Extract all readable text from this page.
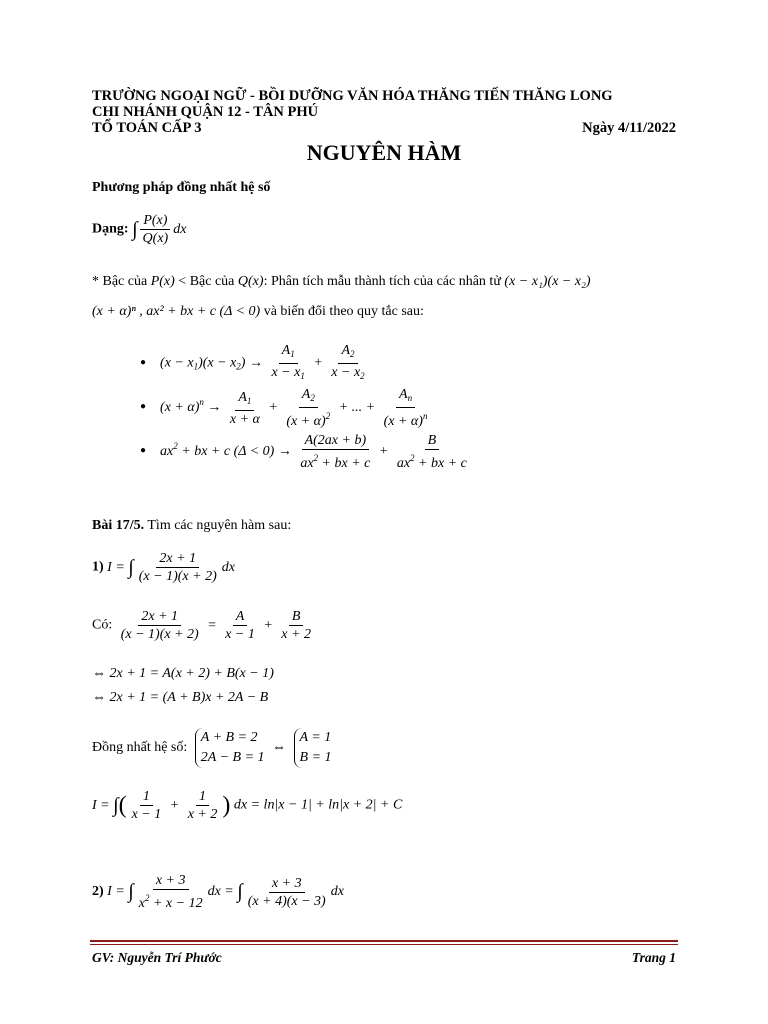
TRƯỜNG NGOẠI NGỮ - BỒI DƯỠNG VĂN HÓA THĂNG TIẾN THĂNG LONG
CHI NHÁNH QUẬN 12 - TÂN PHÚ
TỔ TOÁN CẤP 3	Ngày 4/11/2022
NGUYÊN HÀM
Phương pháp đồng nhất hệ số
Dạng: ∫ $\frac{P(x)}{Q(x)}$ dx
* Bậc của P(x) < Bậc của Q(x): Phân tích mẫu thành tích của các nhân tử (x − x₁)(x − x₂)
(x + α)ⁿ , ax² + bx + c (Δ < 0) và biến đổi theo quy tắc sau:
● $(x - x_1)(x - x_2) \to \frac{A_1}{x - x_1} + \frac{A_2}{x - x_2}$
● $(x + \alpha)^n \to \frac{A_1}{x + \alpha} + \frac{A_2}{(x + \alpha)^2}$ + ... + $\frac{A_n}{(x + \alpha)^n}$
● $ax^2$ + bx + c $(\Delta < 0) \to \frac{A(2ax + b)}{ax^2 + bx + c} + \frac{B}{ax^2 + bx + c}$
Bài 17/5. Tìm các nguyên hàm sau:
1) I = ∫ $\frac{2x + 1}{(x - 1)(x + 2)}$ dx
Có: $\frac{2x + 1}{(x - 1)(x + 2)} = \frac{A}{x - 1} + \frac{B}{x + 2}$
⇔ 2x + 1 = A(x + 2) + B(x − 1)
⇔ 2x + 1 = (A + B)x + 2A − B
Đồng nhất hệ số:
A + B = 2
2A − B = 1
⇔
A = 1
B = 1
I = ∫( $\frac{1}{x - 1} + \frac{1}{x + 2}$ ) dx = ln|x − 1| + ln|x + 2| + C
2) I = ∫ $\frac{x + 3}{x^2 + x - 12}$ dx = ∫ $\frac{x + 3}{(x + 4)(x - 3)}$ dx
GV: Nguyễn Trí Phước	Trang 1
